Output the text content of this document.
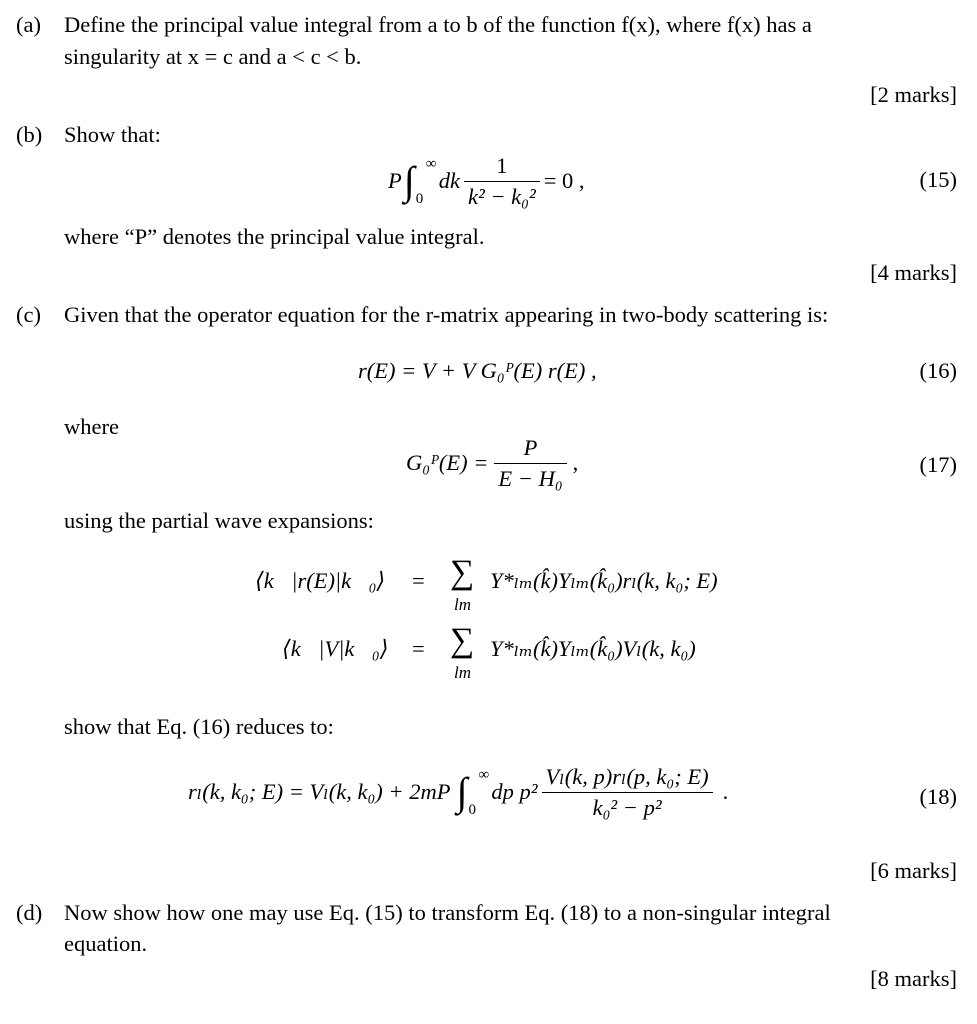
(a) Define the principal value integral from a to b of the function f(x), where f(x) has a
singularity at x = c and a < c < b.
[2 marks]
(b) Show that:
P ∫ ∞
0
dk $\frac{1}{\text{k² − k₀²}} = 0$ ,	(15)
where “P” denotes the principal value integral.
[4 marks]
(c) Given that the operator equation for the r-matrix appearing in two-body scattering is:
r(E) = V + V G₀ᴾ(E) r(E) ,	(16)
where
G₀ᴾ(E) = $\frac{P}{\text{E − H₀}}$ ,	(17)
using the partial wave expansions:
⟨k⃗|r(E)|k⃗₀⟩ = ∑
lm
Y*ₗₘ(k̂)Yₗₘ(k̂₀)rₗ(k, k₀; E)
⟨k⃗|V|k⃗₀⟩ = ∑
lm
Y*ₗₘ(k̂)Yₗₘ(k̂₀)Vₗ(k, k₀)
show that Eq. (16) reduces to:
rₗ(k, k₀; E) = Vₗ(k, k₀) + 2mP ∫ ∞
0
dp $p^2 \frac{\text{Vₗ(k, p)rₗ(p, k₀; E)}}{\text{k₀² − p²}}$ .	(18)
[6 marks]
(d) Now show how one may use Eq. (15) to transform Eq. (18) to a non-singular integral
equation.
[8 marks]
